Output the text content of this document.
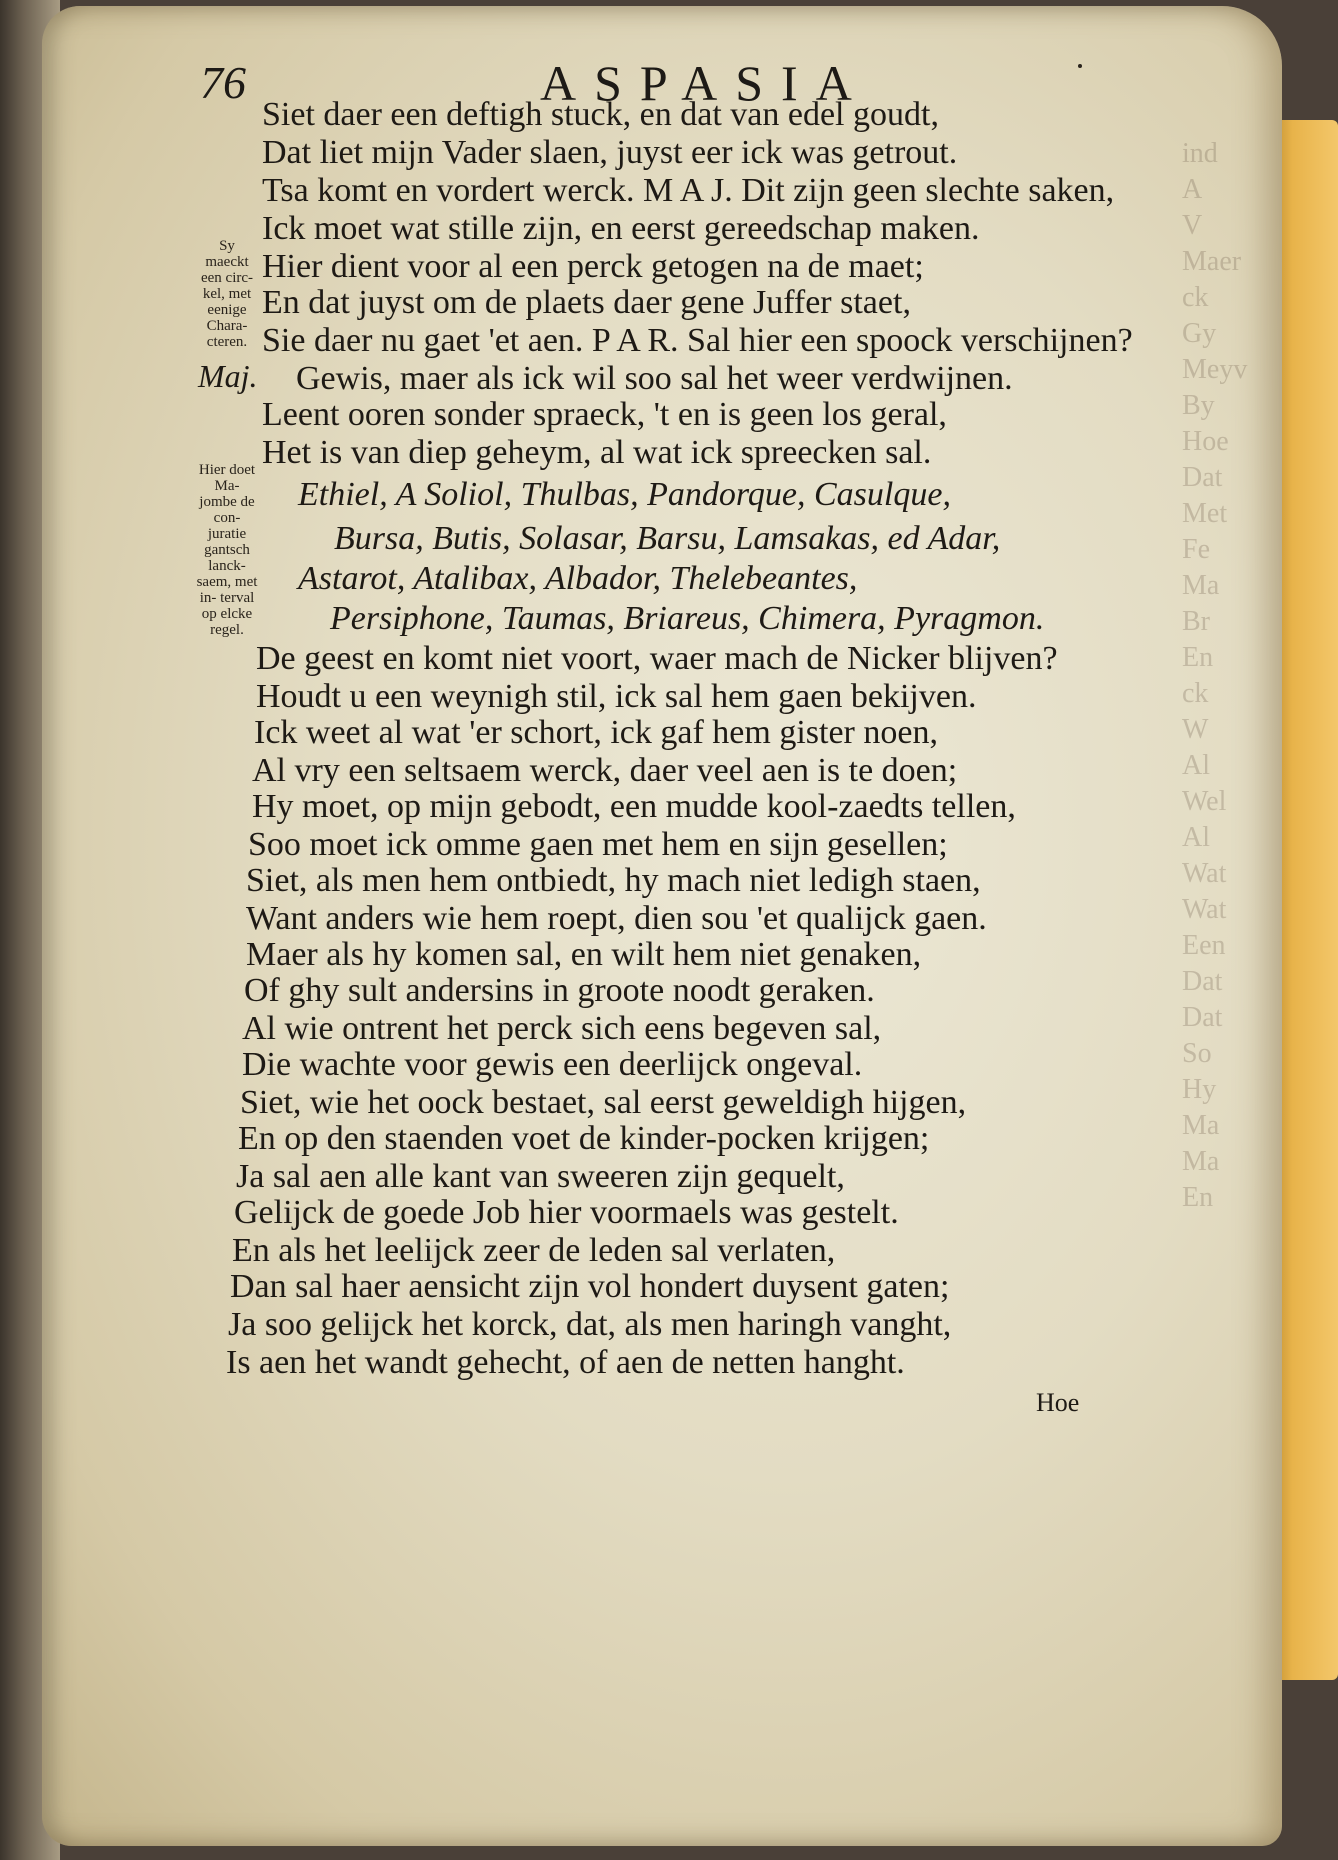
ind
A
V
Maer
ck
Gy
Meyv
By
Hoe
Dat
Met
Fe
Ma
Br
En
ck
W
Al
Wel
Al
Wat
Wat
Een
Dat
Dat
So
Hy
Ma
Ma
En
76	ASPASIA
Sy maeckt een circ- kel, met eenige Chara- cteren.
Maj.
Hier doet Ma- jombe de con- juratie gantsch lanck- saem, met in- terval op elcke regel.
Siet daer een deftigh stuck, en dat van edel goudt,
Dat liet mijn Vader slaen, juyst eer ick was getrout.
Tsa komt en vordert werck. M A J. Dit zijn geen slechte saken,
Ick moet wat stille zijn, en eerst gereedschap maken.
Hier dient voor al een perck getogen na de maet;
En dat juyst om de plaets daer gene Juffer staet,
Sie daer nu gaet 'et aen. P A R. Sal hier een spoock verschijnen?
Gewis, maer als ick wil soo sal het weer verdwijnen.
Leent ooren sonder spraeck, 't en is geen los geral,
Het is van diep geheym, al wat ick spreecken sal.
Ethiel, A Soliol, Thulbas, Pandorque, Casulque,
Bursa, Butis, Solasar, Barsu, Lamsakas, ed Adar,
Astarot, Atalibax, Albador, Thelebeantes,
Persiphone, Taumas, Briareus, Chimera, Pyragmon.
De geest en komt niet voort, waer mach de Nicker blijven?
Houdt u een weynigh stil, ick sal hem gaen bekijven.
Ick weet al wat 'er schort, ick gaf hem gister noen,
Al vry een seltsaem werck, daer veel aen is te doen;
Hy moet, op mijn gebodt, een mudde kool-zaedts tellen,
Soo moet ick omme gaen met hem en sijn gesellen;
Siet, als men hem ontbiedt, hy mach niet ledigh staen,
Want anders wie hem roept, dien sou 'et qualijck gaen.
Maer als hy komen sal, en wilt hem niet genaken,
Of ghy sult andersins in groote noodt geraken.
Al wie ontrent het perck sich eens begeven sal,
Die wachte voor gewis een deerlijck ongeval.
Siet, wie het oock bestaet, sal eerst geweldigh hijgen,
En op den staenden voet de kinder-pocken krijgen;
Ja sal aen alle kant van sweeren zijn gequelt,
Gelijck de goede Job hier voormaels was gestelt.
En als het leelijck zeer de leden sal verlaten,
Dan sal haer aensicht zijn vol hondert duysent gaten;
Ja soo gelijck het korck, dat, als men haringh vanght,
Is aen het wandt gehecht, of aen de netten hanght.
Hoe
